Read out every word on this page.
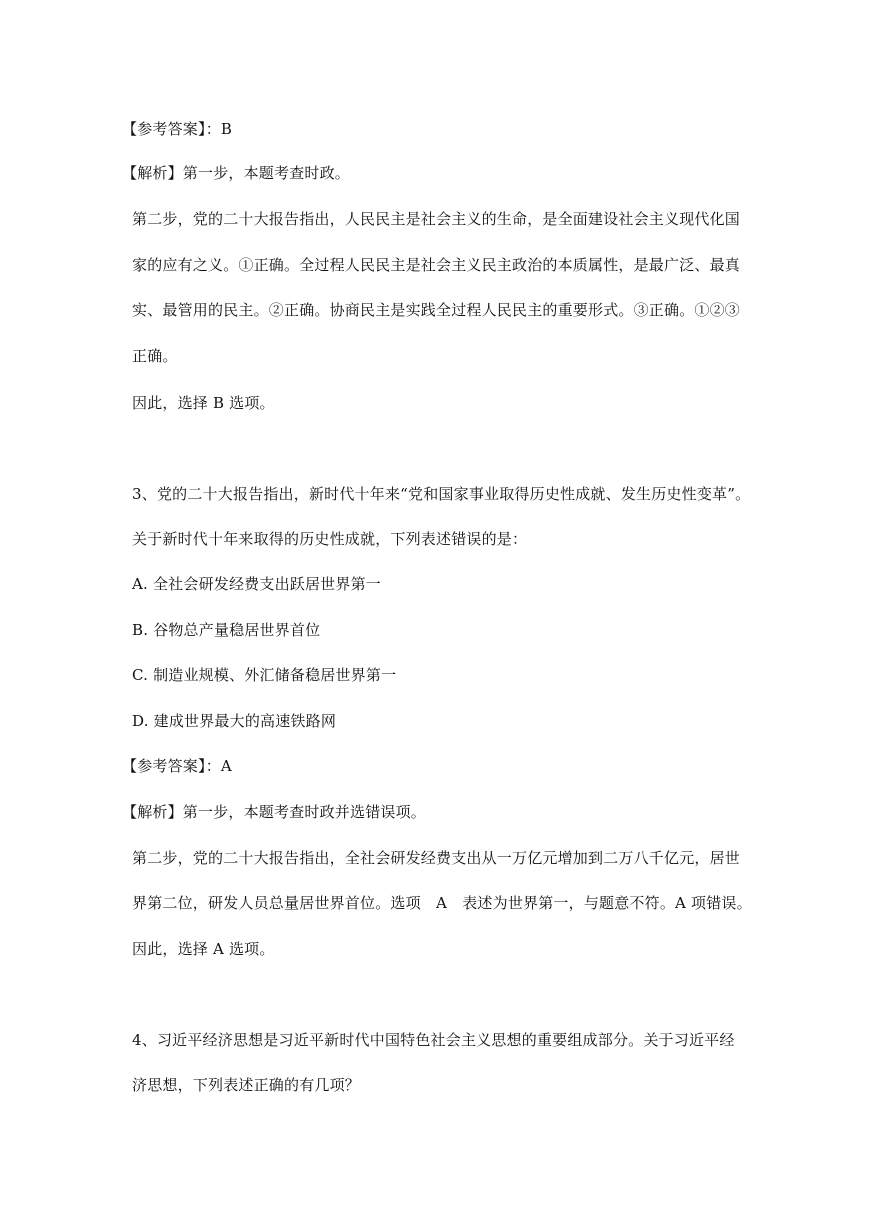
【参考答案】：B
【解析】第一步，本题考查时政。
第二步，党的二十大报告指出，人民民主是社会主义的生命，是全面建设社会主义现代化国
家的应有之义。①正确。全过程人民民主是社会主义民主政治的本质属性，是最广泛、最真
实、最管用的民主。②正确。协商民主是实践全过程人民民主的重要形式。③正确。①②③
正确。
因此，选择 B 选项。
3、党的二十大报告指出，新时代十年来“党和国家事业取得历史性成就、发生历史性变革”。
关于新时代十年来取得的历史性成就，下列表述错误的是：
A. 全社会研发经费支出跃居世界第一
B. 谷物总产量稳居世界首位
C. 制造业规模、外汇储备稳居世界第一
D. 建成世界最大的高速铁路网
【参考答案】：A
【解析】第一步，本题考查时政并选错误项。
第二步，党的二十大报告指出，全社会研发经费支出从一万亿元增加到二万八千亿元，居世
界第二位，研发人员总量居世界首位。选项　A　表述为世界第一，与题意不符。A 项错误。
因此，选择 A 选项。
4、习近平经济思想是习近平新时代中国特色社会主义思想的重要组成部分。关于习近平经
济思想，下列表述正确的有几项？
